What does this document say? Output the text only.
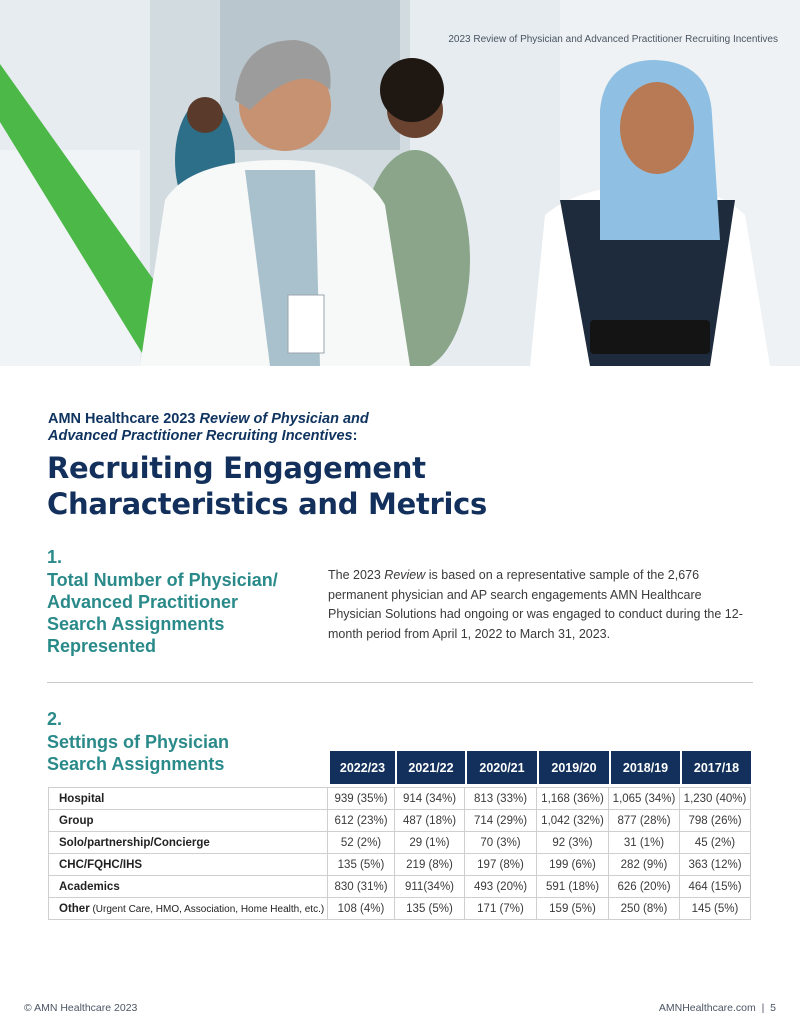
2023 Review of Physician and Advanced Practitioner Recruiting Incentives
AMN Healthcare 2023 Review of Physician and
Advanced Practitioner Recruiting Incentives:
Recruiting Engagement
Characteristics and Metrics
1.
Total Number of Physician/
Advanced Practitioner
Search Assignments
Represented
The 2023 Review is based on a representative sample of the 2,676 permanent physician and AP search engagements AMN Healthcare Physician Solutions had ongoing or was engaged to conduct during the 12-month period from April 1, 2022 to March 31, 2023.
2.
Settings of Physician
Search Assignments
		2022/23	2021/22	2020/21	2019/20	2018/19	2017/18

Hospital	939 (35%)	914 (34%)	813 (33%)	1,168 (36%)	1,065 (34%)	1,230 (40%)
Group	612 (23%)	487 (18%)	714 (29%)	1,042 (32%)	877 (28%)	798 (26%)
Solo/partnership/Concierge	52 (2%)	29 (1%)	70 (3%)	92 (3%)	31 (1%)	45 (2%)
CHC/FQHC/IHS	135 (5%)	219 (8%)	197 (8%)	199 (6%)	282 (9%)	363 (12%)
Academics	830 (31%)	911(34%)	493 (20%)	591 (18%)	626 (20%)	464 (15%)
Other (Urgent Care, HMO, Association, Home Health, etc.)	108 (4%)	135 (5%)	171 (7%)	159 (5%)	250 (8%)	145 (5%)
© AMN Healthcare 2023	AMNHealthcare.com  |  5
